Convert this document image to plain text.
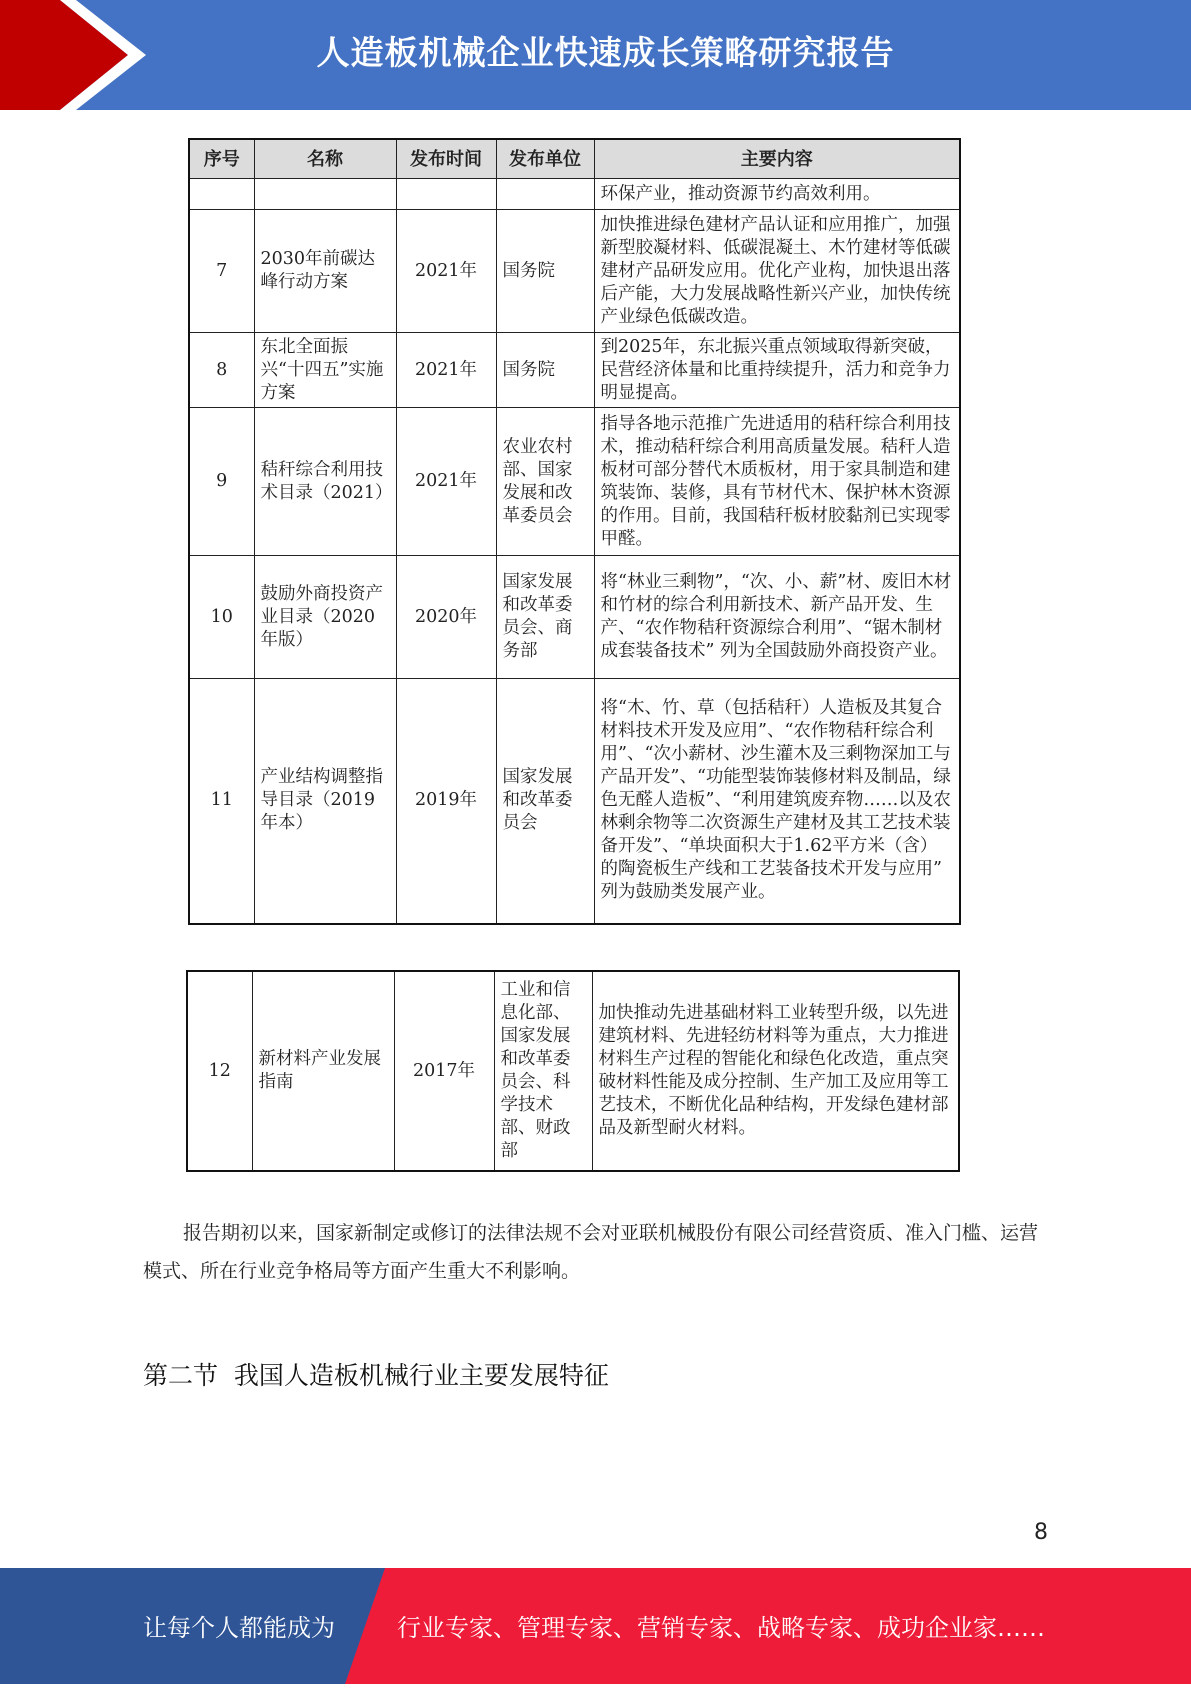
人造板机械企业快速成长策略研究报告
序号	名称	发布时间	发布单位	主要内容
				环保产业，推动资源节约高效利用。
7	2030年前碳达峰行动方案	2021年	国务院	加快推进绿色建材产品认证和应用推广，加强新型胶凝材料、低碳混凝土、木竹建材等低碳建材产品研发应用。优化产业构，加快退出落后产能，大力发展战略性新兴产业，加快传统产业绿色低碳改造。
8	东北全面振兴“十四五”实施方案	2021年	国务院	到2025年，东北振兴重点领域取得新突破，民营经济体量和比重持续提升，活力和竞争力明显提高。
9	秸秆综合利用技术目录（2021）	2021年	农业农村部、国家发展和改革委员会	指导各地示范推广先进适用的秸秆综合利用技术，推动秸秆综合利用高质量发展。秸秆人造板材可部分替代木质板材，用于家具制造和建筑装饰、装修，具有节材代木、保护林木资源的作用。目前，我国秸秆板材胶黏剂已实现零甲醛。
10	鼓励外商投资产业目录（2020年版）	2020年	国家发展和改革委员会、商务部	将“林业三剩物”，“次、小、薪”材、废旧木材和竹材的综合利用新技术、新产品开发、生产、“农作物秸秆资源综合利用”、“锯木制材成套装备技术” 列为全国鼓励外商投资产业。
11	产业结构调整指导目录（2019年本）	2019年	国家发展和改革委员会	将“木、竹、草（包括秸秆）人造板及其复合材料技术开发及应用”、“农作物秸秆综合利用”、“次小薪材、沙生灌木及三剩物深加工与产品开发”、“功能型装饰装修材料及制品，绿色无醛人造板”、“利用建筑废弃物……以及农林剩余物等二次资源生产建材及其工艺技术装备开发”、“单块面积大于1.62平方米（含）的陶瓷板生产线和工艺装备技术开发与应用” 列为鼓励类发展产业。
12	新材料产业发展指南	2017年	工业和信息化部、国家发展和改革委员会、科学技术部、财政部	加快推动先进基础材料工业转型升级，以先进建筑材料、先进轻纺材料等为重点，大力推进材料生产过程的智能化和绿色化改造，重点突破材料性能及成分控制、生产加工及应用等工艺技术，不断优化品种结构，开发绿色建材部品及新型耐火材料。

报告期初以来，国家新制定或修订的法律法规不会对亚联机械股份有限公司经营资质、准入门槛、运营模式、所在行业竞争格局等方面产生重大不利影响。

第二节  我国人造板机械行业主要发展特征
8
让每个人都能成为	行业专家、管理专家、营销专家、战略专家、成功企业家……
